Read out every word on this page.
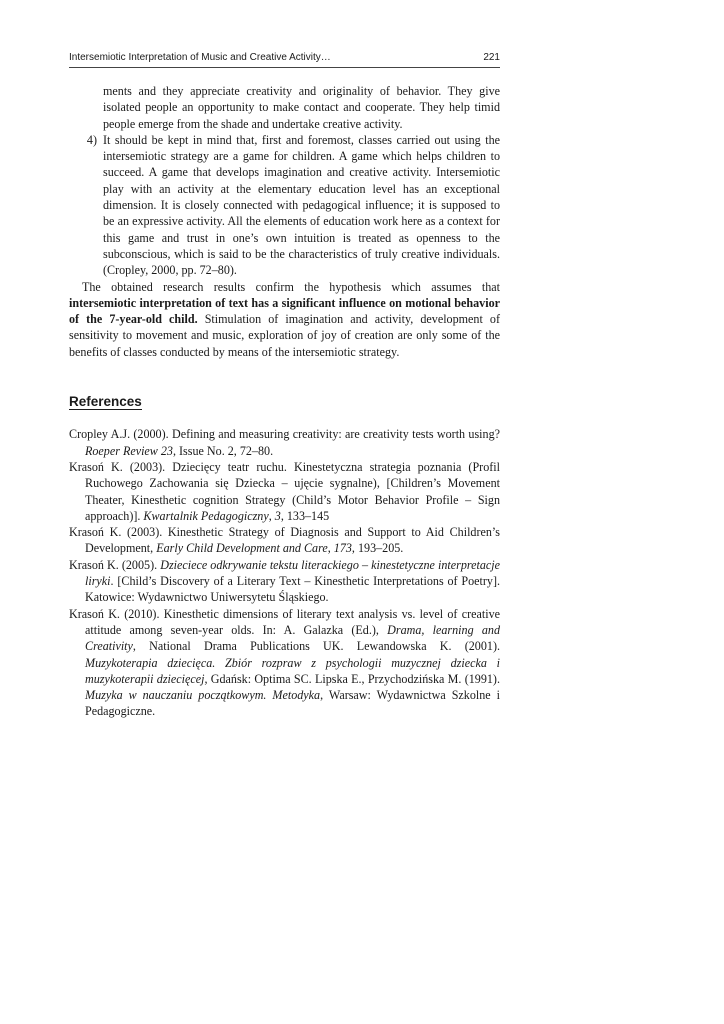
Intersemiotic Interpretation of Music and Creative Activity…	221

ments and they appreciate creativity and originality of behavior. They give isolated people an opportunity to make contact and cooperate. They help timid people emerge from the shade and undertake creative activity.

4) It should be kept in mind that, first and foremost, classes carried out using the intersemiotic strategy are a game for children. A game which helps children to succeed. A game that develops imagination and creative activity. Intersemiotic play with an activity at the elementary education level has an exceptional dimension. It is closely connected with pedagogical influence; it is supposed to be an expressive activity. All the elements of education work here as a context for this game and trust in one’s own intuition is treated as openness to the subconscious, which is said to be the characteristics of truly creative individuals. (Cropley, 2000, pp. 72–80).

The obtained research results confirm the hypothesis which assumes that intersemiotic interpretation of text has a significant influence on motional behavior of the 7-year-old child. Stimulation of imagination and activity, development of sensitivity to movement and music, exploration of joy of creation are only some of the benefits of classes conducted by means of the intersemiotic strategy.

References

Cropley A.J. (2000). Defining and measuring creativity: are creativity tests worth using? Roeper Review 23, Issue No. 2, 72–80.

Krasoń K. (2003). Dziecięcy teatr ruchu. Kinestetyczna strategia poznania (Profil Ruchowego Zachowania się Dziecka – ujęcie sygnalne), [Children’s Movement Theater, Kinesthetic cognition Strategy (Child’s Motor Behavior Profile – Sign approach)]. Kwartalnik Pedagogiczny, 3, 133–145

Krasoń K. (2003). Kinesthetic Strategy of Diagnosis and Support to Aid Children’s Development, Early Child Development and Care, 173, 193–205.

Krasoń K. (2005). Dzieciece odkrywanie tekstu literackiego – kinestetyczne interpretacje liryki. [Child’s Discovery of a Literary Text – Kinesthetic Interpretations of Poetry]. Katowice: Wydawnictwo Uniwersytetu Śląskiego.

Krasoń K. (2010). Kinesthetic dimensions of literary text analysis vs. level of creative attitude among seven-year olds. In: A. Galazka (Ed.), Drama, learning and Creativity, National Drama Publications UK. Lewandowska K. (2001). Muzykoterapia dziecięca. Zbiór rozpraw z psychologii muzycznej dziecka i muzykoterapii dziecięcej, Gdańsk: Optima SC. Lipska E., Przychodzińska M. (1991). Muzyka w nauczaniu początkowym. Metodyka, Warsaw: Wydawnictwa Szkolne i Pedagogiczne.
